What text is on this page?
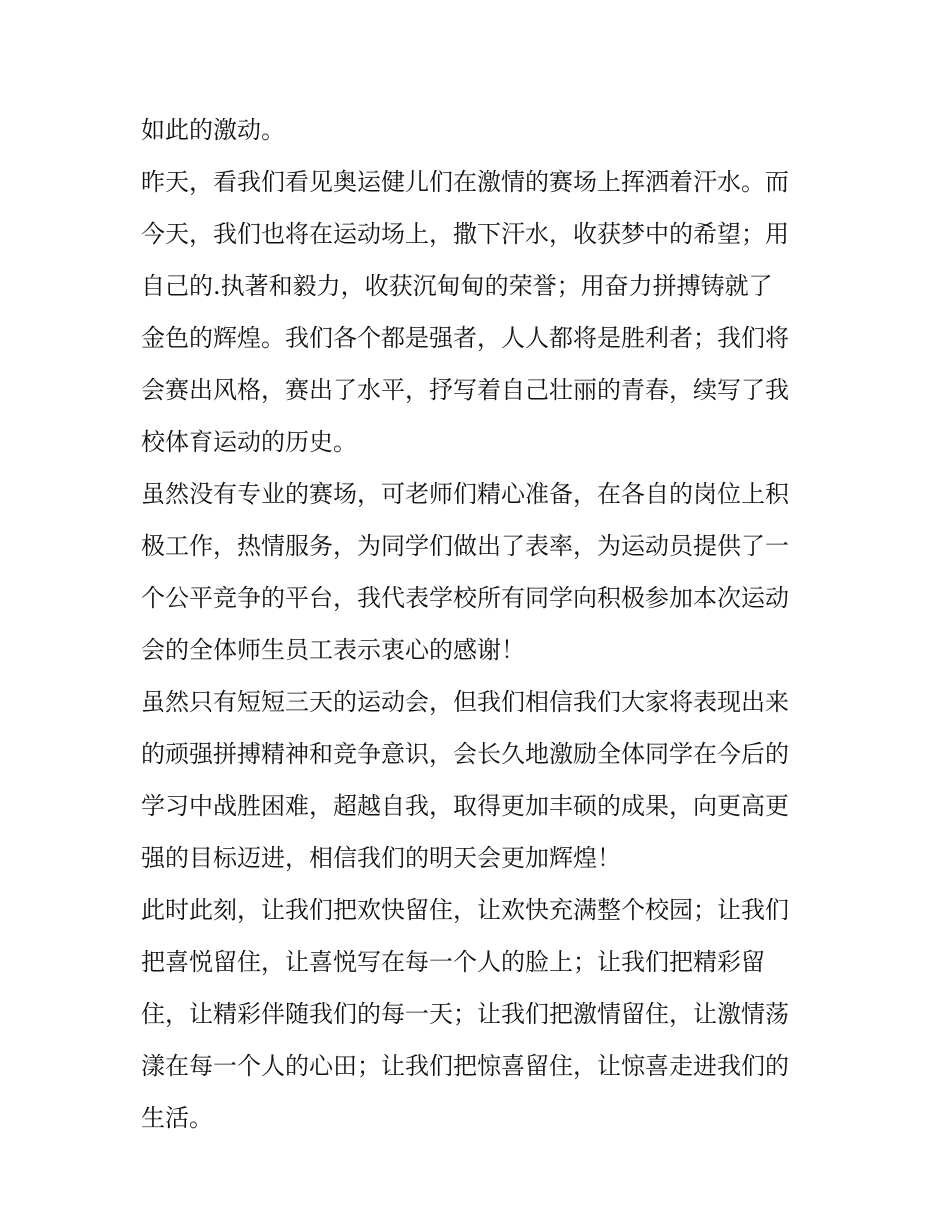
如此的激动。
昨天，看我们看见奥运健儿们在激情的赛场上挥洒着汗水。而
今天，我们也将在运动场上，撒下汗水，收获梦中的希望；用
自己的.执著和毅力，收获沉甸甸的荣誉；用奋力拼搏铸就了
金色的辉煌。我们各个都是强者，人人都将是胜利者；我们将
会赛出风格，赛出了水平，抒写着自己壮丽的青春，续写了我
校体育运动的历史。
虽然没有专业的赛场，可老师们精心准备，在各自的岗位上积
极工作，热情服务，为同学们做出了表率，为运动员提供了一
个公平竞争的平台，我代表学校所有同学向积极参加本次运动
会的全体师生员工表示衷心的感谢！
虽然只有短短三天的运动会，但我们相信我们大家将表现出来
的顽强拼搏精神和竞争意识，会长久地激励全体同学在今后的
学习中战胜困难，超越自我，取得更加丰硕的成果，向更高更
强的目标迈进，相信我们的明天会更加辉煌！
此时此刻，让我们把欢快留住，让欢快充满整个校园；让我们
把喜悦留住，让喜悦写在每一个人的脸上；让我们把精彩留
住，让精彩伴随我们的每一天；让我们把激情留住，让激情荡
漾在每一个人的心田；让我们把惊喜留住，让惊喜走进我们的
生活。
